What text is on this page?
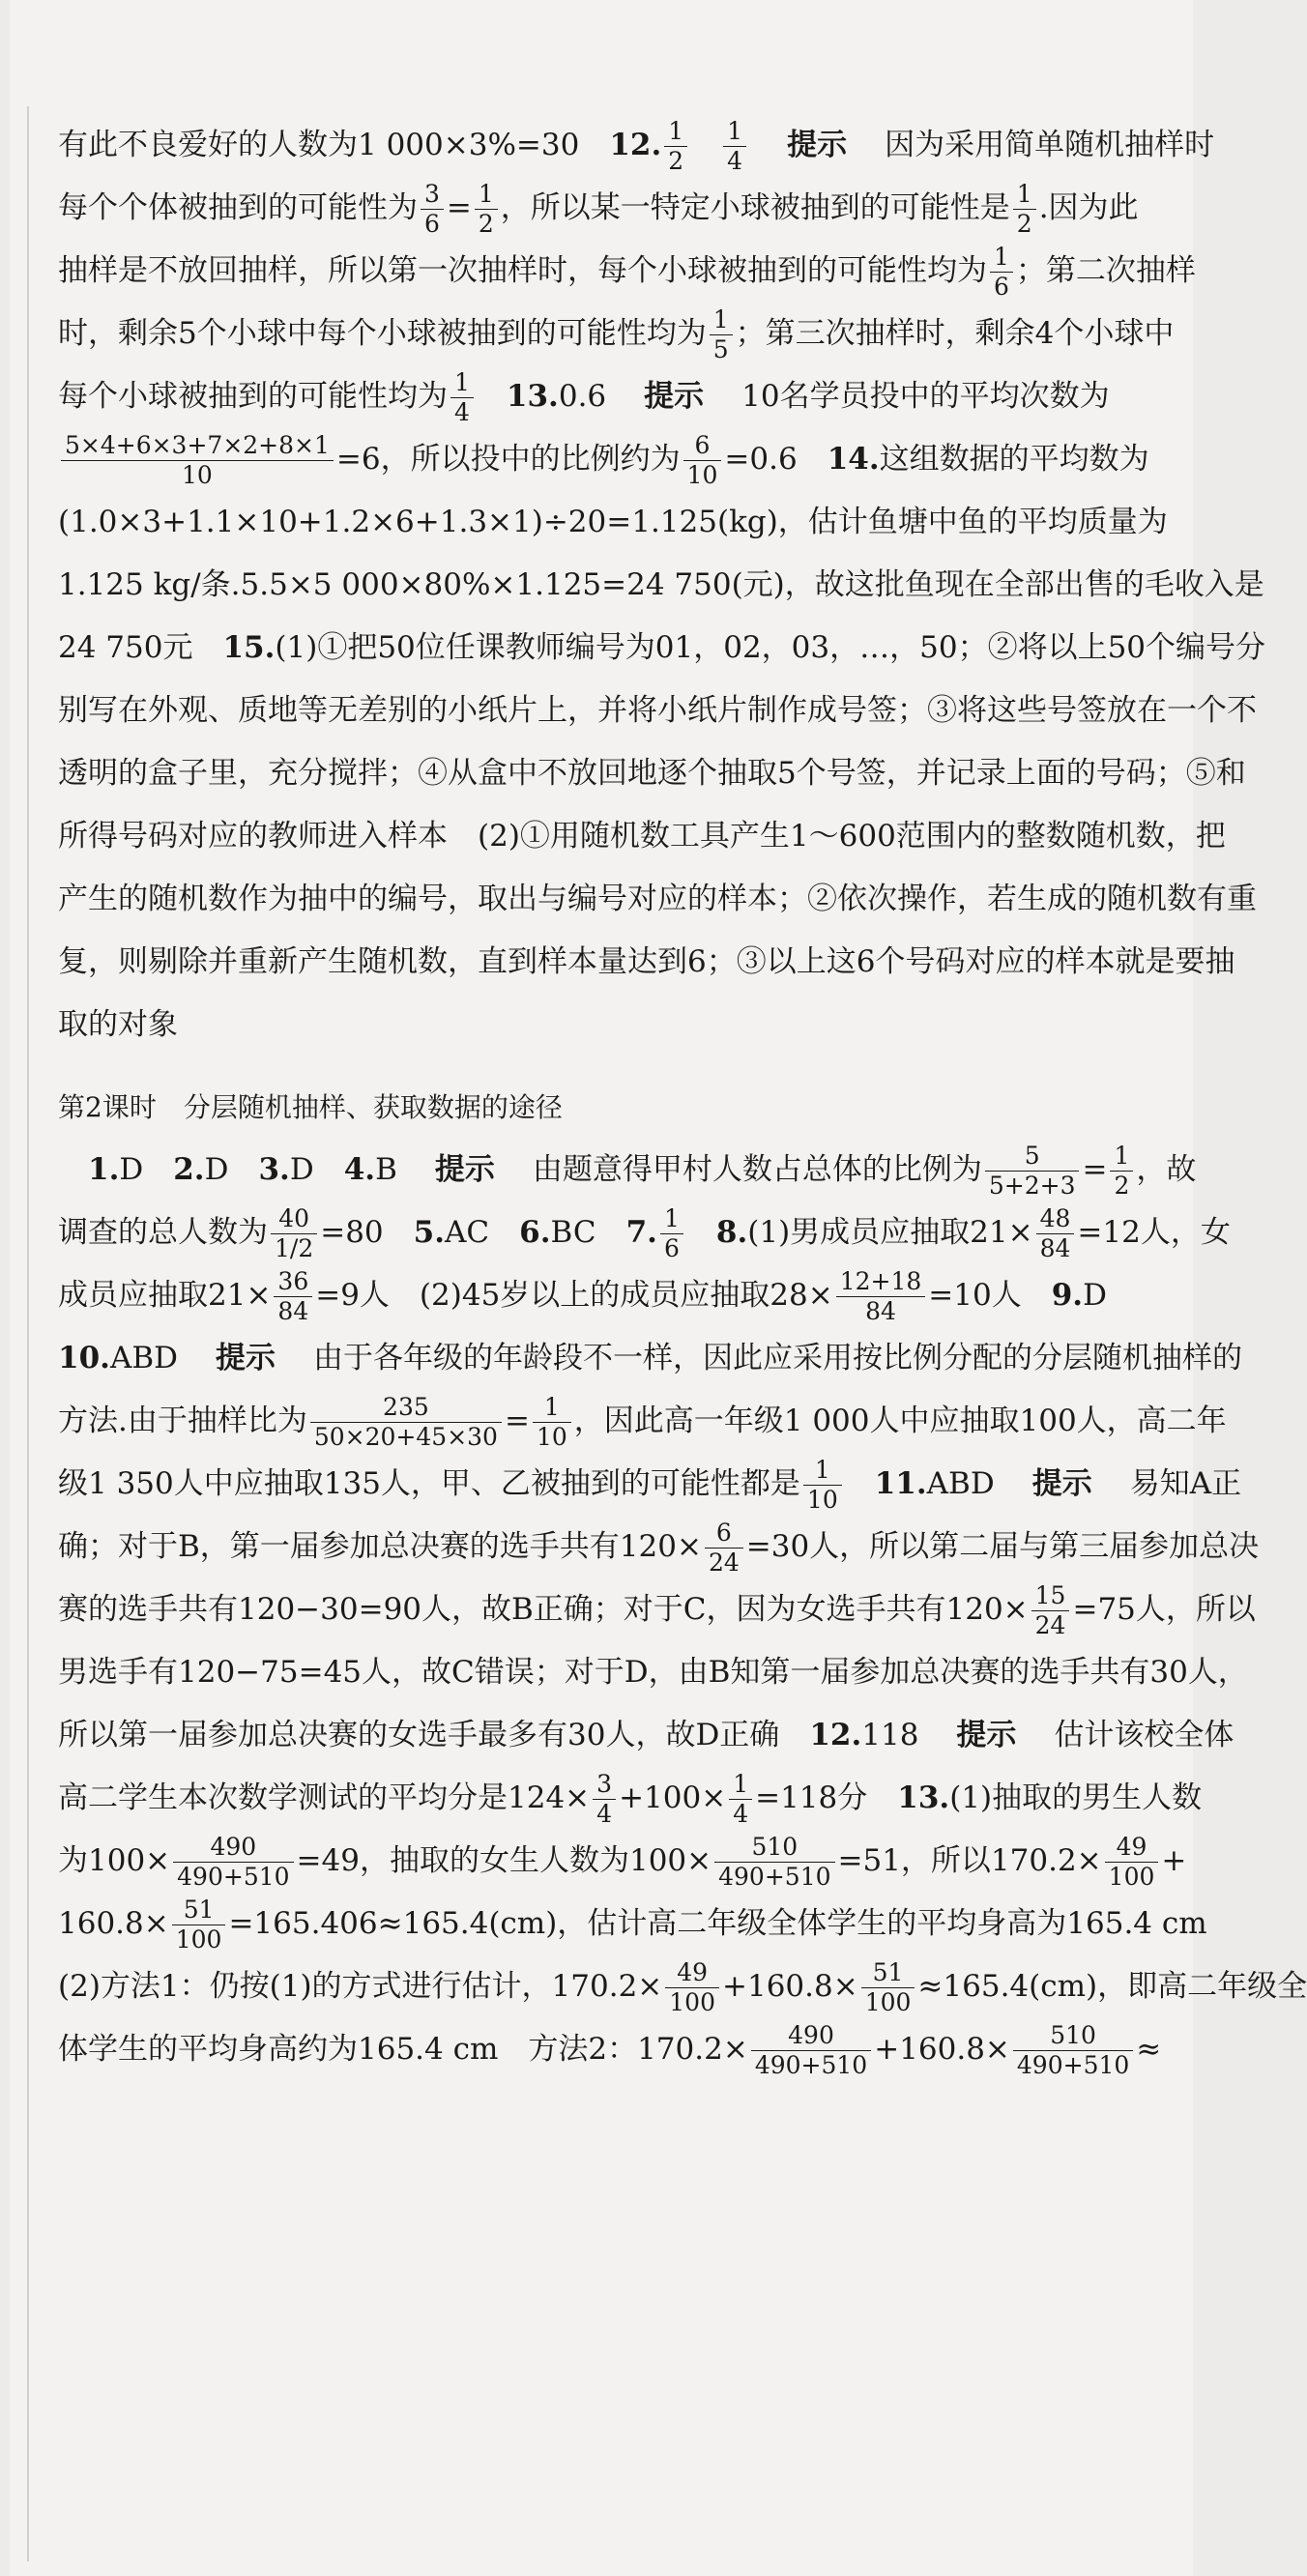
有此不良爱好的人数为1 000×3%=30　12. $\frac{1}{2}$
　 $\frac{1}{4}$
　 提示　因为采用简单随机抽样时
每个个体被抽到的可能性为 $\frac{3}{6} = \frac{1}{2}$ ，所以某一特定小球被抽到的可能性是 $\frac{1}{2}$ .因为此
抽样是不放回抽样，所以第一次抽样时，每个小球被抽到的可能性均为 $\frac{1}{6}$ ；第二次抽样
时，剩余5个小球中每个小球被抽到的可能性均为 $\frac{1}{5}$ ；第三次抽样时，剩余4个小球中
每个小球被抽到的可能性均为 $\frac{1}{4}$
　 13.0.6　提示　10名学员投中的平均次数为
$\frac{5\times 4+6\times 3+7\times 2+8\times 1}{10} =6$，所以投中的比例约为 $\frac{6}{10} =0.6$　14.这组数据的平均数为
(1.0×3+1.1×10+1.2×6+1.3×1)÷20=1.125(kg)，估计鱼塘中鱼的平均质量为
1.125 kg/条.5.5×5 000×80%×1.125=24 750(元)，故这批鱼现在全部出售的毛收入是
24 750元　15.(1)①把50位任课教师编号为01，02，03，…，50；②将以上50个编号分
别写在外观、质地等无差别的小纸片上，并将小纸片制作成号签；③将这些号签放在一个不
透明的盒子里，充分搅拌；④从盒中不放回地逐个抽取5个号签，并记录上面的号码；⑤和
所得号码对应的教师进入样本　(2)①用随机数工具产生1～600范围内的整数随机数，把
产生的随机数作为抽中的编号，取出与编号对应的样本；②依次操作，若生成的随机数有重
复，则剔除并重新产生随机数，直到样本量达到6；③以上这6个号码对应的样本就是要抽
取的对象
第2课时　分层随机抽样、获取数据的途径
　1.D　2.D　3.D　4.B　提示　由题意得甲村人数占总体的比例为 $\frac{5}{5+2+3} = \frac{1}{2}$ ，故
调查的总人数为 $\frac{40}{1/2} =80$　5.AC　6.BC　7. $\frac{1}{6}$
　 8.(1)男成员应抽取$21\times \frac{48}{84} =12$人，女
成员应抽取$21\times \frac{36}{84} =9$人　(2)45岁以上的成员应抽取$28\times \frac{12+18}{84} =10$人　9.D
10.ABD　提示　由于各年级的年龄段不一样，因此应采用按比例分配的分层随机抽样的
方法.由于抽样比为 $\frac{235}{50\times 20+45\times 30} = \frac{1}{10}$ ，因此高一年级1 000人中应抽取100人，高二年
级1 350人中应抽取135人，甲、乙被抽到的可能性都是 $\frac{1}{10}$
　 11.ABD　提示　易知A正
确；对于B，第一届参加总决赛的选手共有$120\times \frac{6}{24} =30$人，所以第二届与第三届参加总决
赛的选手共有120−30=90人，故B正确；对于C，因为女选手共有$120\times \frac{15}{24} =75$人，所以
男选手有120−75=45人，故C错误；对于D，由B知第一届参加总决赛的选手共有30人，
所以第一届参加总决赛的女选手最多有30人，故D正确　12.118　提示　估计该校全体
高二学生本次数学测试的平均分是$124\times \frac{3}{4} +100\times \frac{1}{4} =118$分　13.(1)抽取的男生人数
为$100\times \frac{490}{490+510} =49$，抽取的女生人数为$100\times \frac{510}{490+510} =51$，所以$170.2\times \frac{49}{100}$ +
$160.8\times \frac{51}{100} =165.406\approx 165.4(cm)$，估计高二年级全体学生的平均身高为165.4 cm
(2)方法1：仍按(1)的方式进行估计，$170.2\times \frac{49}{100} +160.8\times \frac{51}{100} \approx 165.4(cm)$，即高二年级全
体学生的平均身高约为165.4 cm　方法2：$170.2\times \frac{490}{490+510} +160.8\times \frac{510}{490+510}$ ≈
